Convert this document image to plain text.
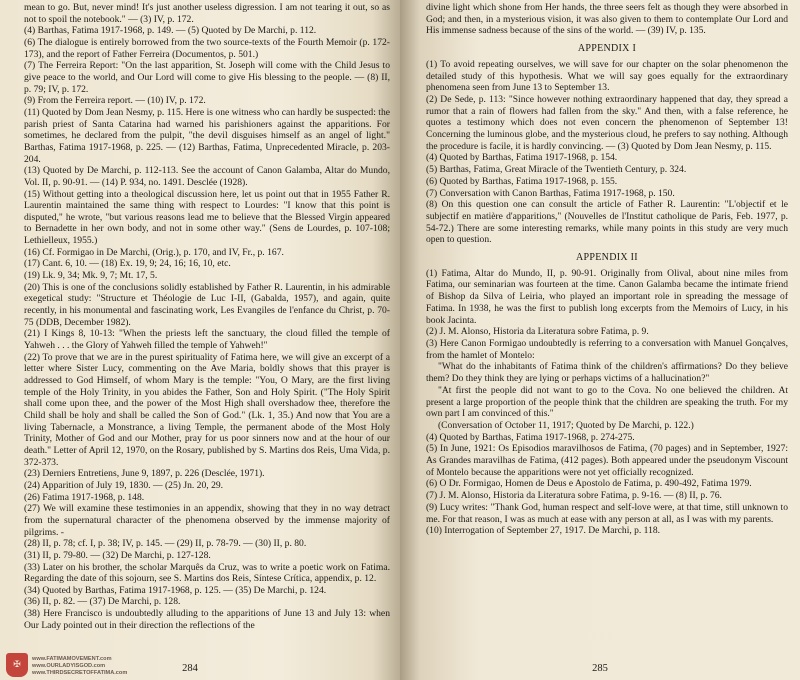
mean to go. But, never mind! It's just another useless digression. I am not tearing it out, so as not to spoil the notebook." — (3) IV, p. 172.

(4) Barthas, Fatima 1917-1968, p. 149. — (5) Quoted by De Marchi, p. 112.

(6) The dialogue is entirely borrowed from the two source-texts of the Fourth Memoir (p. 172-173), and the report of Father Ferreira (Documentos, p. 501.)

(7) The Ferreira Report: "On the last apparition, St. Joseph will come with the Child Jesus to give peace to the world, and Our Lord will come to give His blessing to the people. — (8) II, p. 79; IV, p. 172.

(9) From the Ferreira report. — (10) IV, p. 172.

(11) Quoted by Dom Jean Nesmy, p. 115. Here is one witness who can hardly be suspected: the parish priest of Santa Catarina had warned his parishioners against the apparitions. For sometimes, he declared from the pulpit, "the devil disguises himself as an angel of light." Barthas, Fatima 1917-1968, p. 225. — (12) Barthas, Fatima, Unprecedented Miracle, p. 203-204.

(13) Quoted by De Marchi, p. 112-113. See the account of Canon Galamba, Altar do Mundo, Vol. II, p. 90-91. — (14) P. 934, no. 1491. Desclée (1928).

(15) Without getting into a theological discussion here, let us point out that in 1955 Father R. Laurentin maintained the same thing with respect to Lourdes: "I know that this point is disputed," he wrote, "but various reasons lead me to believe that the Blessed Virgin appeared to Bernadette in her own body, and not in some other way." (Sens de Lourdes, p. 107-108; Lethielleux, 1955.)

(16) Cf. Formigao in De Marchi, (Orig.), p. 170, and IV, Fr., p. 167.

(17) Cant. 6, 10. — (18) Ex. 19, 9; 24, 16; 16, 10, etc.

(19) Lk. 9, 34; Mk. 9, 7; Mt. 17, 5.

(20) This is one of the conclusions solidly established by Father R. Laurentin, in his admirable exegetical study: "Structure et Théologie de Luc I-II, (Gabalda, 1957), and again, quite recently, in his monumental and fascinating work, Les Evangiles de l'enfance du Christ, p. 70-75 (DDB, December 1982).

(21) I Kings 8, 10-13: "When the priests left the sanctuary, the cloud filled the temple of Yahweh . . . the Glory of Yahweh filled the temple of Yahweh!"

(22) To prove that we are in the purest spirituality of Fatima here, we will give an excerpt of a letter where Sister Lucy, commenting on the Ave Maria, boldly shows that this prayer is addressed to God Himself, of whom Mary is the temple: "You, O Mary, are the first living temple of the Holy Trinity, in you abides the Father, Son and Holy Spirit. ("The Holy Spirit shall come upon thee, and the power of the Most High shall overshadow thee, therefore the Child shall be holy and shall be called the Son of God." (Lk. 1, 35.) And now that You are a living Tabernacle, a Monstrance, a living Temple, the permanent abode of the Most Holy Trinity, Mother of God and our Mother, pray for us poor sinners now and at the hour of our death." Letter of April 12, 1970, on the Rosary, published by S. Martins dos Reis, Uma Vida, p. 372-373.

(23) Derniers Entretiens, June 9, 1897, p. 226 (Desclée, 1971).

(24) Apparition of July 19, 1830. — (25) Jn. 20, 29.

(26) Fatima 1917-1968, p. 148.

(27) We will examine these testimonies in an appendix, showing that they in no way detract from the supernatural character of the phenomena observed by the immense majority of pilgrims. -

(28) II, p. 78; cf. I, p. 38; IV, p. 145. — (29) II, p. 78-79. — (30) II, p. 80.

(31) II, p. 79-80. — (32) De Marchi, p. 127-128.

(33) Later on his brother, the scholar Marquês da Cruz, was to write a poetic work on Fatima. Regarding the date of this sojourn, see S. Martins dos Reis, Síntese Crítica, appendix, p. 12.

(34) Quoted by Barthas, Fatima 1917-1968, p. 125. — (35) De Marchi, p. 124.

(36) II, p. 82. — (37) De Marchi, p. 128.

(38) Here Francisco is undoubtedly alluding to the apparitions of June 13 and July 13: when Our Lady pointed out in their direction the reflections of the

✠
www.FATIMAMOVEMENT.com
www.OURLADYISGOD.com
www.THIRDSECRETOFFATIMA.com	284

divine light which shone from Her hands, the three seers felt as though they were absorbed in God; and then, in a mysterious vision, it was also given to them to contemplate Our Lord and His immense sadness because of the sins of the world. — (39) IV, p. 135.

APPENDIX I

(1) To avoid repeating ourselves, we will save for our chapter on the solar phenomenon the detailed study of this hypothesis. What we will say goes equally for the extraordinary phenomena seen from June 13 to September 13.

(2) De Sede, p. 113: "Since however nothing extraordinary happened that day, they spread a rumor that a rain of flowers had fallen from the sky." And then, with a false reference, he quotes a testimony which does not even concern the phenomenon of September 13! Concerning the luminous globe, and the mysterious cloud, he prefers to say nothing. Although the procedure is facile, it is hardly convincing. — (3) Quoted by Dom Jean Nesmy, p. 115.

(4) Quoted by Barthas, Fatima 1917-1968, p. 154.

(5) Barthas, Fatima, Great Miracle of the Twentieth Century, p. 324.

(6) Quoted by Barthas, Fatima 1917-1968, p. 155.

(7) Conversation with Canon Barthas, Fatima 1917-1968, p. 150.

(8) On this question one can consult the article of Father R. Laurentin: "L'objectif et le subjectif en matière d'apparitions," (Nouvelles de l'Institut catholique de Paris, Feb. 1977, p. 54-72.) There are some interesting remarks, while many points in this study are very much open to question.

APPENDIX II

(1) Fatima, Altar do Mundo, II, p. 90-91. Originally from Olival, about nine miles from Fatima, our seminarian was fourteen at the time. Canon Galamba became the intimate friend of Bishop da Silva of Leiria, who played an important role in spreading the message of Fatima. In 1938, he was the first to publish long excerpts from the Memoirs of Lucy, in his book Jacinta.

(2) J. M. Alonso, Historia da Literatura sobre Fatima, p. 9.

(3) Here Canon Formigao undoubtedly is referring to a conversation with Manuel Gonçalves, from the hamlet of Montelo:

"What do the inhabitants of Fatima think of the children's affirmations? Do they believe them? Do they think they are lying or perhaps victims of a hallucination?"

"At first the people did not want to go to the Cova. No one believed the children. At present a large proportion of the people think that the children are speaking the truth. For my own part I am convinced of this."

(Conversation of October 11, 1917; Quoted by De Marchi, p. 122.)

(4) Quoted by Barthas, Fatima 1917-1968, p. 274-275.

(5) In June, 1921: Os Episodios maravilhosos de Fatima, (70 pages) and in September, 1927: As Grandes maravilhas de Fatima, (412 pages). Both appeared under the pseudonym Viscount of Montelo because the apparitions were not yet officially recognized.

(6) O Dr. Formigao, Homen de Deus e Apostolo de Fatima, p. 490-492, Fatima 1979.

(7) J. M. Alonso, Historia da Literatura sobre Fatima, p. 9-16. — (8) II, p. 76.

(9) Lucy writes: "Thank God, human respect and self-love were, at that time, still unknown to me. For that reason, I was as much at ease with any person at all, as I was with my parents.

(10) Interrogation of September 27, 1917. De Marchi, p. 118.

285
